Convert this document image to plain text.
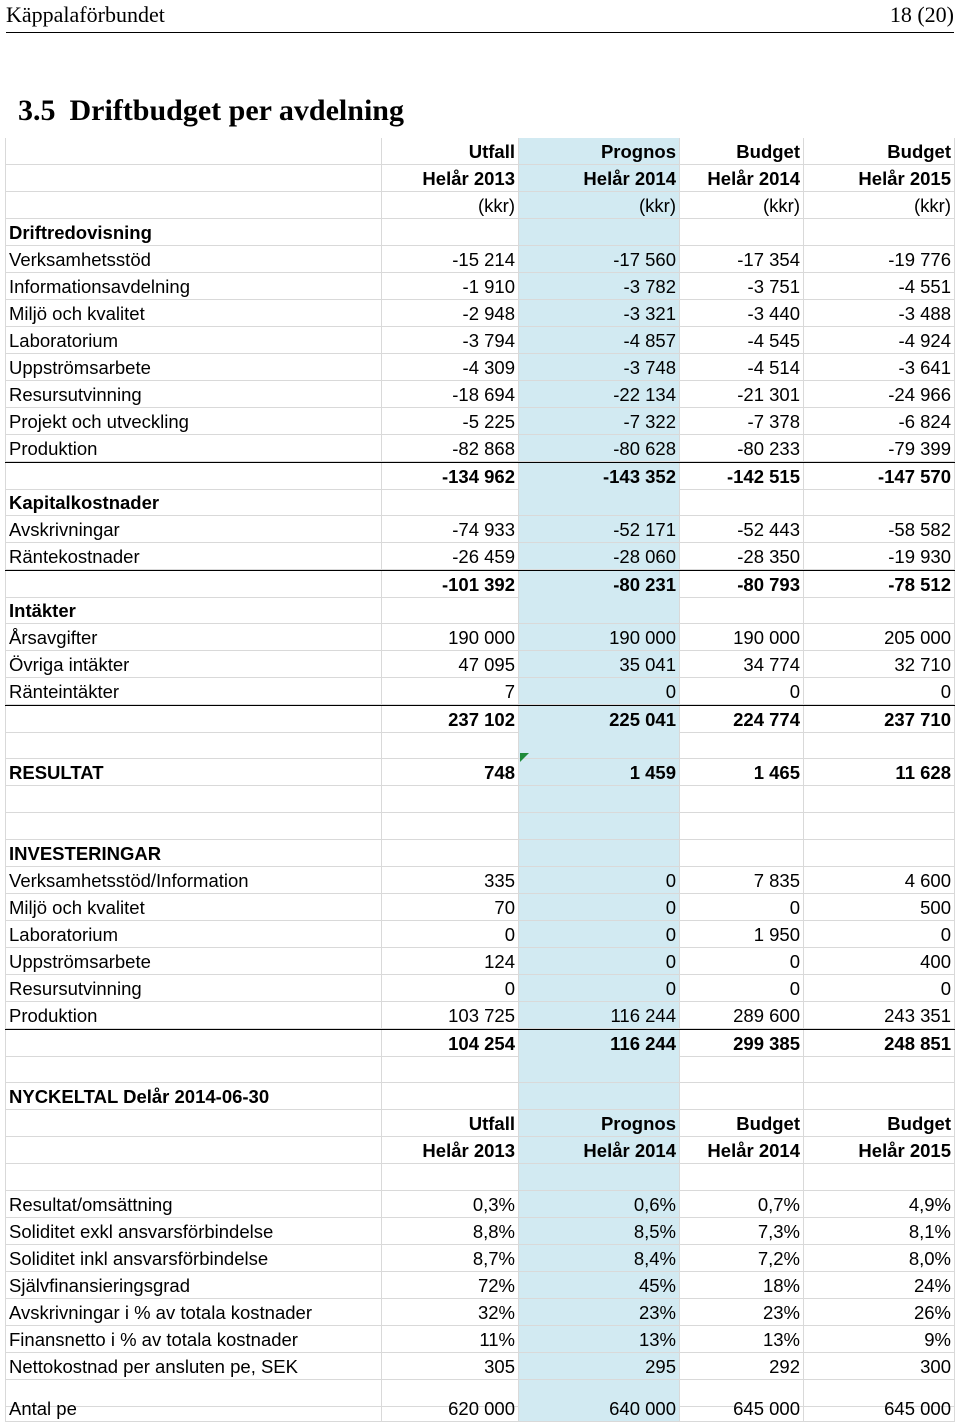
Käppalaförbundet	18 (20)
3.5 Driftbudget per avdelning
Utfall	Prognos	Budget	Budget
Helår 2013	Helår 2014	Helår 2014	Helår 2015
(kkr)	(kkr)	(kkr)	(kkr)
Driftredovisning
Verksamhetsstöd	-15 214	-17 560	-17 354	-19 776
Informationsavdelning	-1 910	-3 782	-3 751	-4 551
Miljö och kvalitet	-2 948	-3 321	-3 440	-3 488
Laboratorium	-3 794	-4 857	-4 545	-4 924
Uppströmsarbete	-4 309	-3 748	-4 514	-3 641
Resursutvinning	-18 694	-22 134	-21 301	-24 966
Projekt och utveckling	-5 225	-7 322	-7 378	-6 824
Produktion	-82 868	-80 628	-80 233	-79 399
-134 962	-143 352	-142 515	-147 570
Kapitalkostnader
Avskrivningar	-74 933	-52 171	-52 443	-58 582
Räntekostnader	-26 459	-28 060	-28 350	-19 930
-101 392	-80 231	-80 793	-78 512
Intäkter
Årsavgifter	190 000	190 000	190 000	205 000
Övriga intäkter	47 095	35 041	34 774	32 710
Ränteintäkter	7	0	0	0
237 102	225 041	224 774	237 710
RESULTAT	748	1 459	1 465	11 628
INVESTERINGAR
Verksamhetsstöd/Information	335	0	7 835	4 600
Miljö och kvalitet	70	0	0	500
Laboratorium	0	0	1 950	0
Uppströmsarbete	124	0	0	400
Resursutvinning	0	0	0	0
Produktion	103 725	116 244	289 600	243 351
104 254	116 244	299 385	248 851
NYCKELTAL Delår 2014-06-30
Utfall	Prognos	Budget	Budget
Helår 2013	Helår 2014	Helår 2014	Helår 2015
Resultat/omsättning	0,3%	0,6%	0,7%	4,9%
Soliditet exkl ansvarsförbindelse	8,8%	8,5%	7,3%	8,1%
Soliditet inkl ansvarsförbindelse	8,7%	8,4%	7,2%	8,0%
Självfinansieringsgrad	72%	45%	18%	24%
Avskrivningar i % av totala kostnader	32%	23%	23%	26%
Finansnetto i % av totala kostnader	11%	13%	13%	9%
Nettokostnad per ansluten pe, SEK	305	295	292	300
Antal pe	620 000	640 000	645 000	645 000
